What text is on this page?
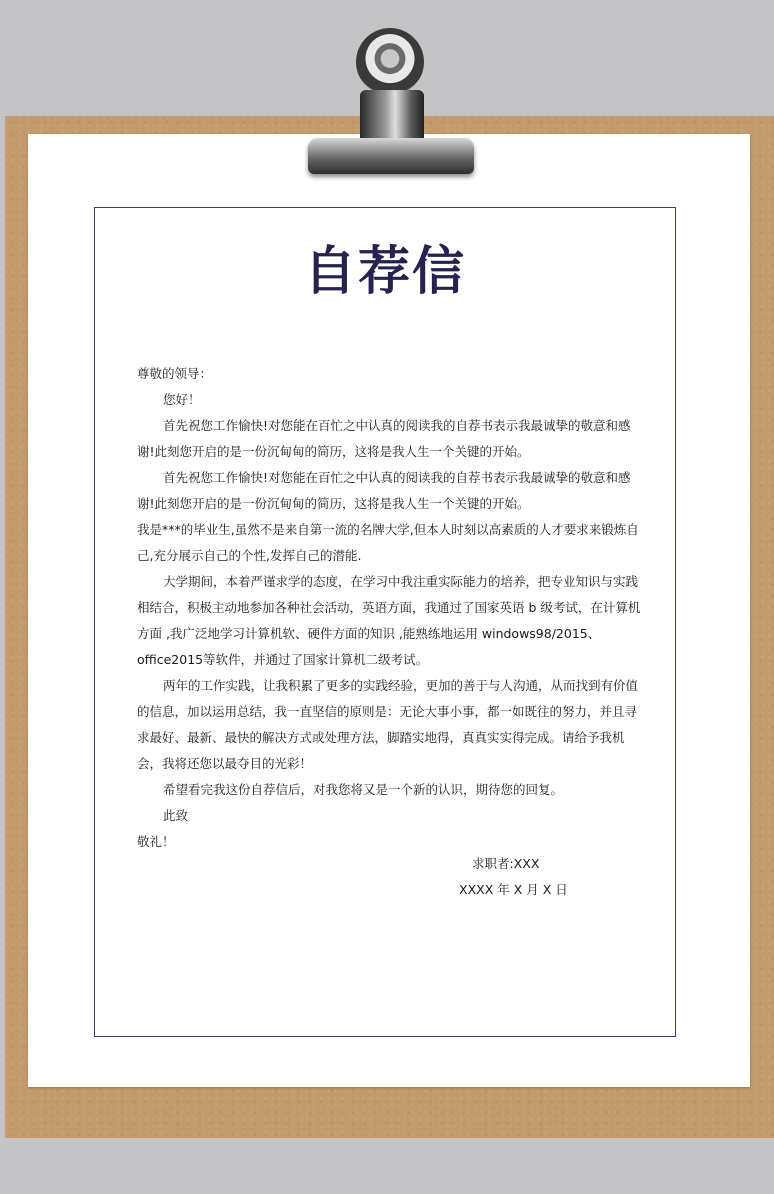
自荐信

尊敬的领导：

您好！

首先祝您工作愉快!对您能在百忙之中认真的阅读我的自荐书表示我最诚挚的敬意和感谢!此刻您开启的是一份沉甸甸的简历，这将是我人生一个关键的开始。

首先祝您工作愉快!对您能在百忙之中认真的阅读我的自荐书表示我最诚挚的敬意和感谢!此刻您开启的是一份沉甸甸的简历，这将是我人生一个关键的开始。

我是***的毕业生,虽然不是来自第一流的名牌大学,但本人时刻以高素质的人才要求来锻炼自己,充分展示自己的个性,发挥自己的潜能.

大学期间，本着严谨求学的态度，在学习中我注重实际能力的培养，把专业知识与实践相结合，积极主动地参加各种社会活动，英语方面，我通过了国家英语 b 级考试，在计算机方面 ,我广泛地学习计算机软、硬件方面的知识 ,能熟练地运用 windows98/2015、office2015等软件，并通过了国家计算机二级考试。

两年的工作实践，让我积累了更多的实践经验，更加的善于与人沟通，从而找到有价值的信息，加以运用总结，我一直坚信的原则是：无论大事小事，都一如既往的努力，并且寻求最好、最新、最快的解决方式或处理方法，脚踏实地得，真真实实得完成。请给予我机会，我将还您以最夺目的光彩！

希望看完我这份自荐信后，对我您将又是一个新的认识，期待您的回复。

此致

敬礼！

求职者:XXX
XXXX 年 X 月 X 日
